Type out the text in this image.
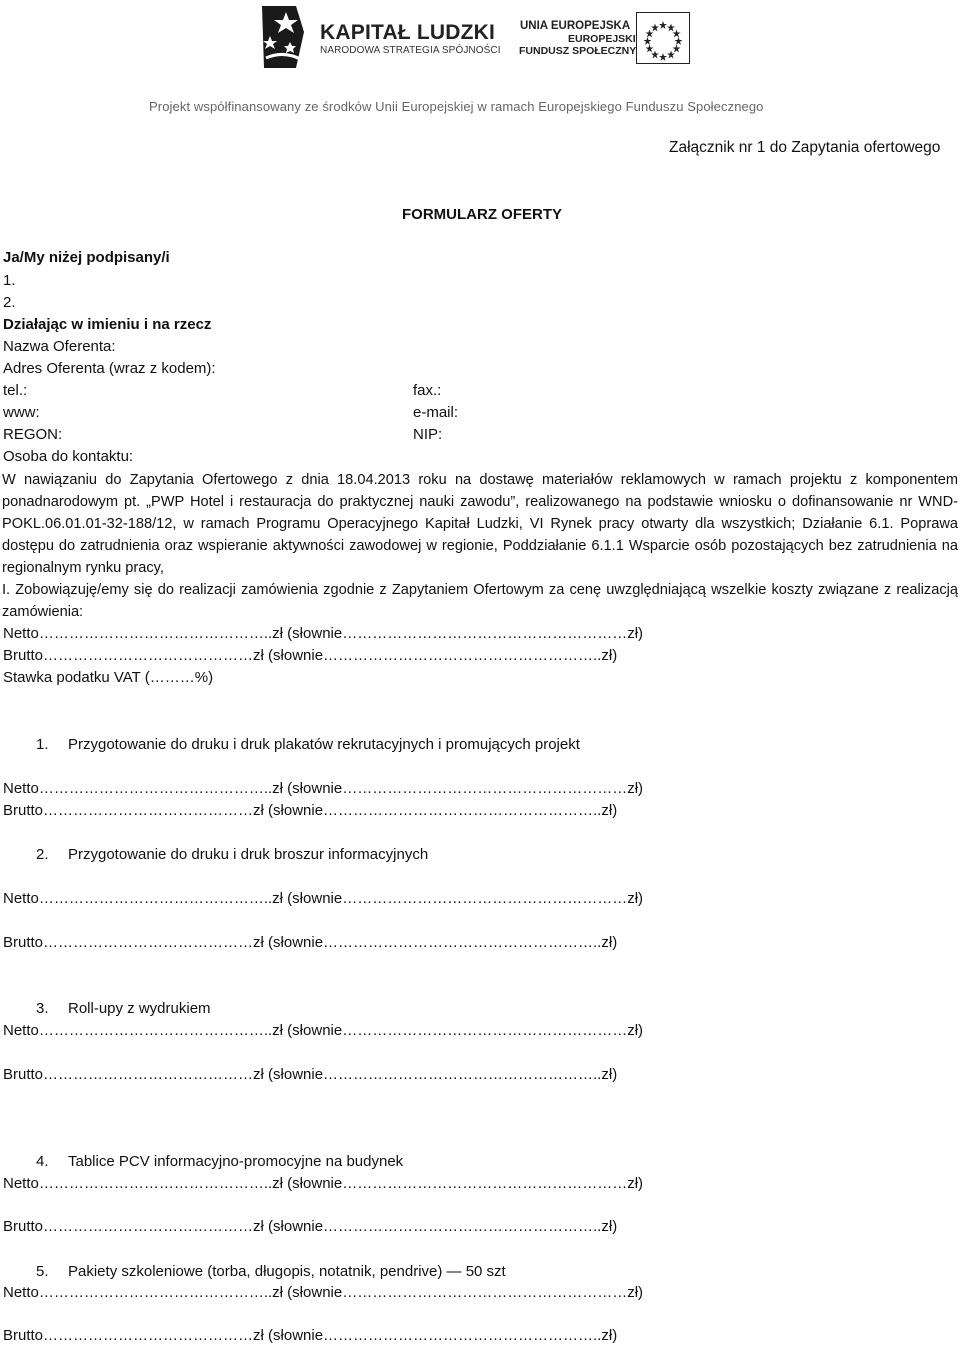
KAPITAŁ LUDZKI
NARODOWA STRATEGIA SPÓJNOŚCI
UNIA EUROPEJSKA
EUROPEJSKI
FUNDUSZ SPOŁECZNY
Projekt współfinansowany ze środków Unii Europejskiej w ramach Europejskiego Funduszu Społecznego
Załącznik nr 1 do Zapytania ofertowego
FORMULARZ OFERTY
Ja/My niżej podpisany/i
1.
2.
Działając w imieniu i na rzecz
Nazwa Oferenta:
Adres Oferenta (wraz z kodem):
tel.:	fax.:
www:	e-mail:
REGON:	NIP:
Osoba do kontaktu:
W nawiązaniu do Zapytania Ofertowego z dnia 18.04.2013 roku na dostawę materiałów reklamowych w ramach projektu z komponentem ponadnarodowym pt. „PWP Hotel i restauracja do praktycznej nauki zawodu”, realizowanego na podstawie wniosku o dofinansowanie nr WND-POKL.06.01.01-32-188/12, w ramach Programu Operacyjnego Kapitał Ludzki, VI Rynek pracy otwarty dla wszystkich; Działanie 6.1. Poprawa dostępu do zatrudnienia oraz wspieranie aktywności zawodowej w regionie, Poddziałanie 6.1.1 Wsparcie osób pozostających bez zatrudnienia na regionalnym rynku pracy,
I. Zobowiązuję/emy się do realizacji zamówienia zgodnie z Zapytaniem Ofertowym za cenę uwzględniającą wszelkie koszty związane z realizacją zamówienia:
Netto………………………………………..zł (słownie…………………………………………………zł)
Brutto……………………………………zł (słownie………………………………………………..zł)
Stawka podatku VAT (………%)
1. Przygotowanie do druku i druk plakatów rekrutacyjnych i promujących projekt
Netto………………………………………..zł (słownie…………………………………………………zł)
Brutto……………………………………zł (słownie………………………………………………..zł)
2. Przygotowanie do druku i druk broszur informacyjnych
Netto………………………………………..zł (słownie…………………………………………………zł)
Brutto……………………………………zł (słownie………………………………………………..zł)
3. Roll-upy z wydrukiem
Netto………………………………………..zł (słownie…………………………………………………zł)
Brutto……………………………………zł (słownie………………………………………………..zł)
4. Tablice PCV informacyjno-promocyjne na budynek
Netto………………………………………..zł (słownie…………………………………………………zł)
Brutto……………………………………zł (słownie………………………………………………..zł)
5. Pakiety szkoleniowe (torba, długopis, notatnik, pendrive) — 50 szt
Netto………………………………………..zł (słownie…………………………………………………zł)
Brutto……………………………………zł (słownie………………………………………………..zł)
